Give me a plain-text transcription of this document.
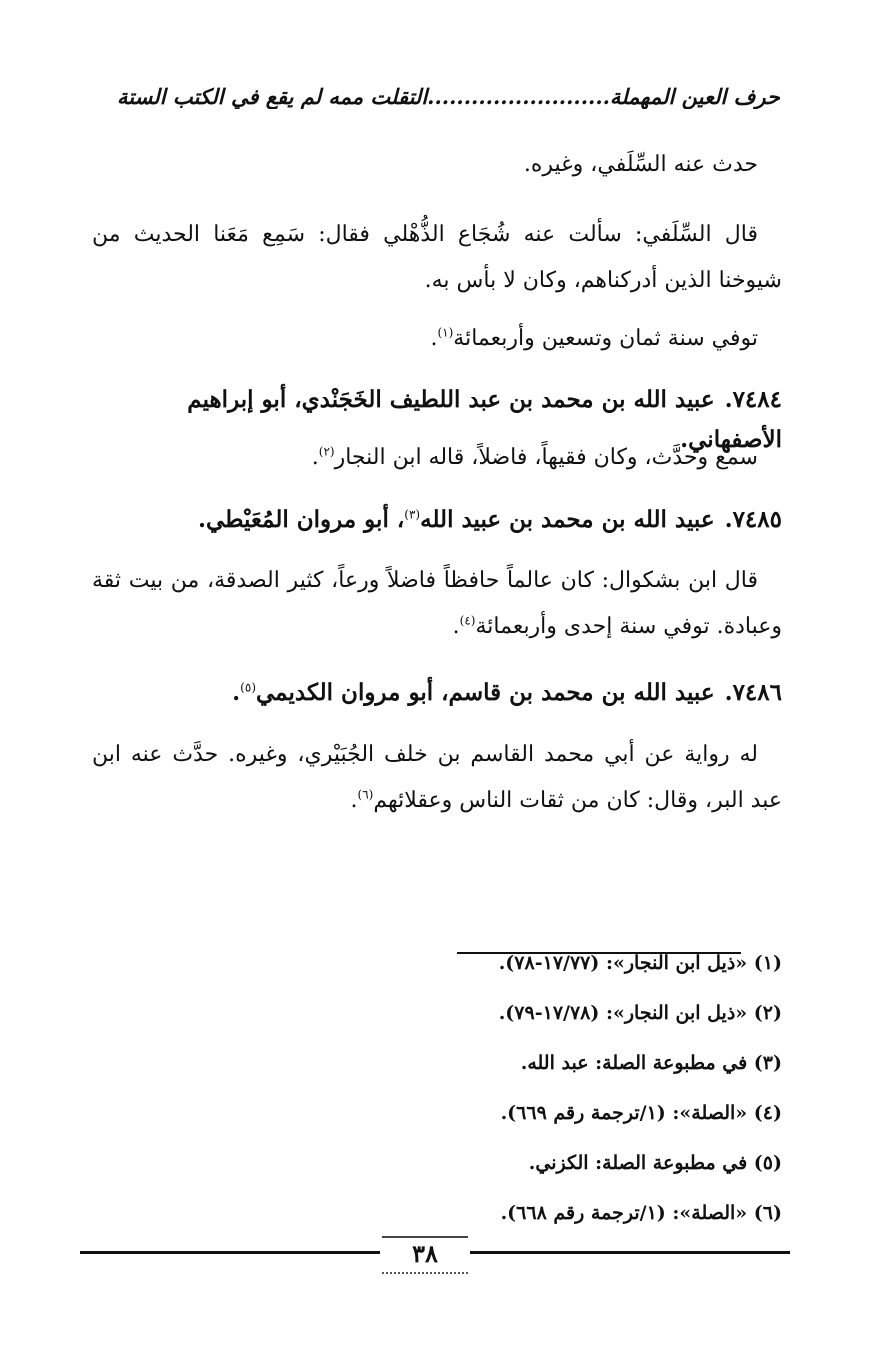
حرف العين المهملة.........................التقلت ممه لم يقع في الكتب الستة
حدث عنه السِّلَفي، وغيره.
قال السِّلَفي: سألت عنه شُجَاع الذُّهْلي فقال: سَمِع مَعَنا الحديث من شيوخنا الذين أدركناهم، وكان لا بأس به.
توفي سنة ثمان وتسعين وأربعمائة$^{(١)}$.
٧٤٨٤.عبيد الله بن محمد بن عبد اللطيف الخَجَنْدي، أبو إبراهيم الأصفهاني.
سمع وحدَّث، وكان فقيهاً، فاضلاً، قاله ابن النجار$^{(٢)}$.
٧٤٨٥.عبيد الله بن محمد بن عبيد الله$^{(٣)}$، أبو مروان المُعَيْطي.
قال ابن بشكوال: كان عالماً حافظاً فاضلاً ورعاً، كثير الصدقة، من بيت ثقة وعبادة. توفي سنة إحدى وأربعمائة$^{(٤)}$.
٧٤٨٦.عبيد الله بن محمد بن قاسم، أبو مروان الكديمي$^{(٥)}$.
له رواية عن أبي محمد القاسم بن خلف الجُبَيْري، وغيره. حدَّث عنه ابن عبد البر، وقال: كان من ثقات الناس وعقلائهم$^{(٦)}$.
(١) «ذيل ابن النجار»: (١٧/٧٧-٧٨).
(٢) «ذيل ابن النجار»: (١٧/٧٨-٧٩).
(٣) في مطبوعة الصلة: عبد الله.
(٤) «الصلة»: (١/ترجمة رقم ٦٦٩).
(٥) في مطبوعة الصلة: الكزني.
(٦) «الصلة»: (١/ترجمة رقم ٦٦٨).
٣٨
